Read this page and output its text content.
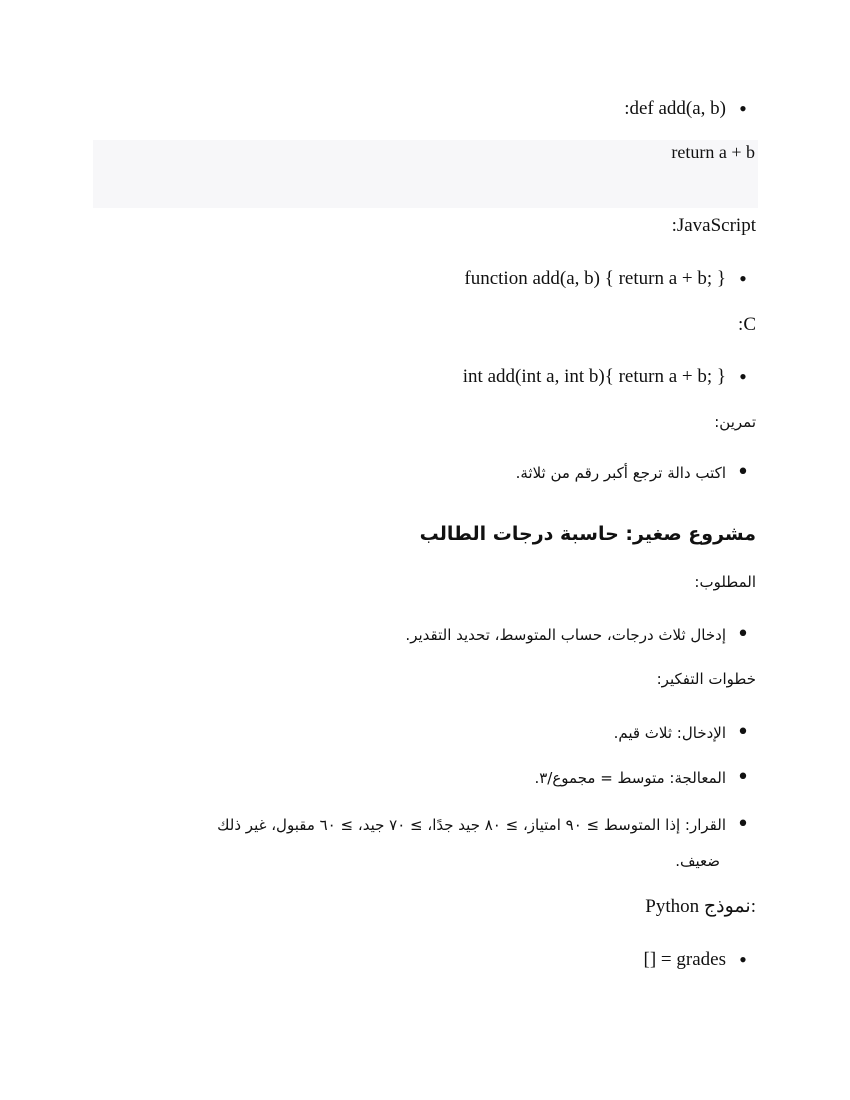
•
:def add(a, b)
return a + b
:JavaScript
•
function add(a, b) { return a + b; }
:C
•
int add(int a, int b){ return a + b; }
تمرين:
•
اكتب دالة ترجع أكبر رقم من ثلاثة.
مشروع صغير: حاسبة درجات الطالب
المطلوب:
•
إدخال ثلاث درجات، حساب المتوسط، تحديد التقدير.
خطوات التفكير:
•
الإدخال: ثلاث قيم.
•
المعالجة: متوسط = مجموع/٣.
•
القرار: إذا المتوسط ≥ ٩٠ امتياز، ≥ ٨٠ جيد جدًا، ≥ ٧٠ جيد، ≥ ٦٠ مقبول، غير ذلك
ضعيف.
Python نموذج:
•
[] = grades
